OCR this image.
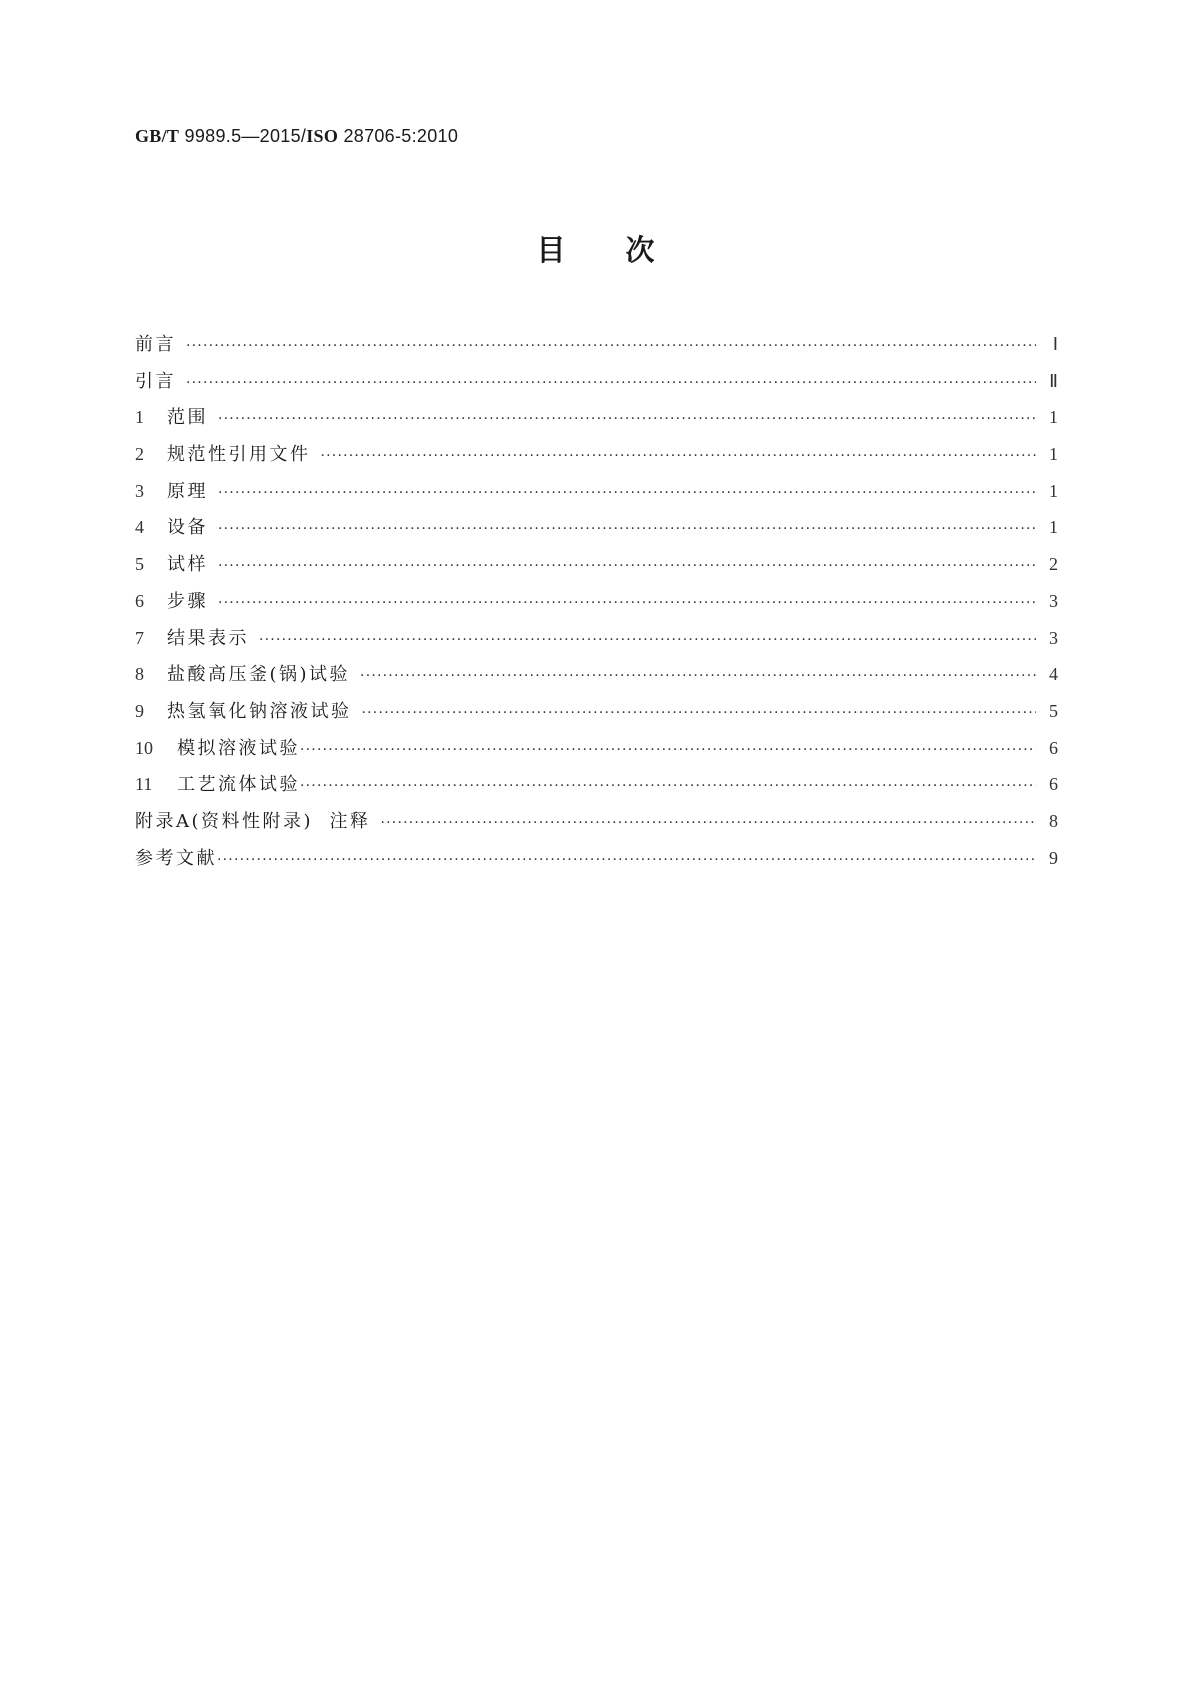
GB/T 9989.5—2015/ISO 28706-5:2010
目次
前言 ·····	Ⅰ
引言 ·····	Ⅱ
1	范围 ·····	1
2	规范性引用文件 ·····	1
3	原理 ·····	1
4	设备 ·····	1
5	试样 ·····	2
6	步骤 ·····	3
7	结果表示 ·····	3
8	盐酸高压釜(锅)试验 ·····	4
9	热氢氧化钠溶液试验 ·····	5
10	模拟溶液试验 ·····	6
11	工艺流体试验 ·····	6
附录A(资料性附录)  注释 ·····	8
参考文献 ·····	9
